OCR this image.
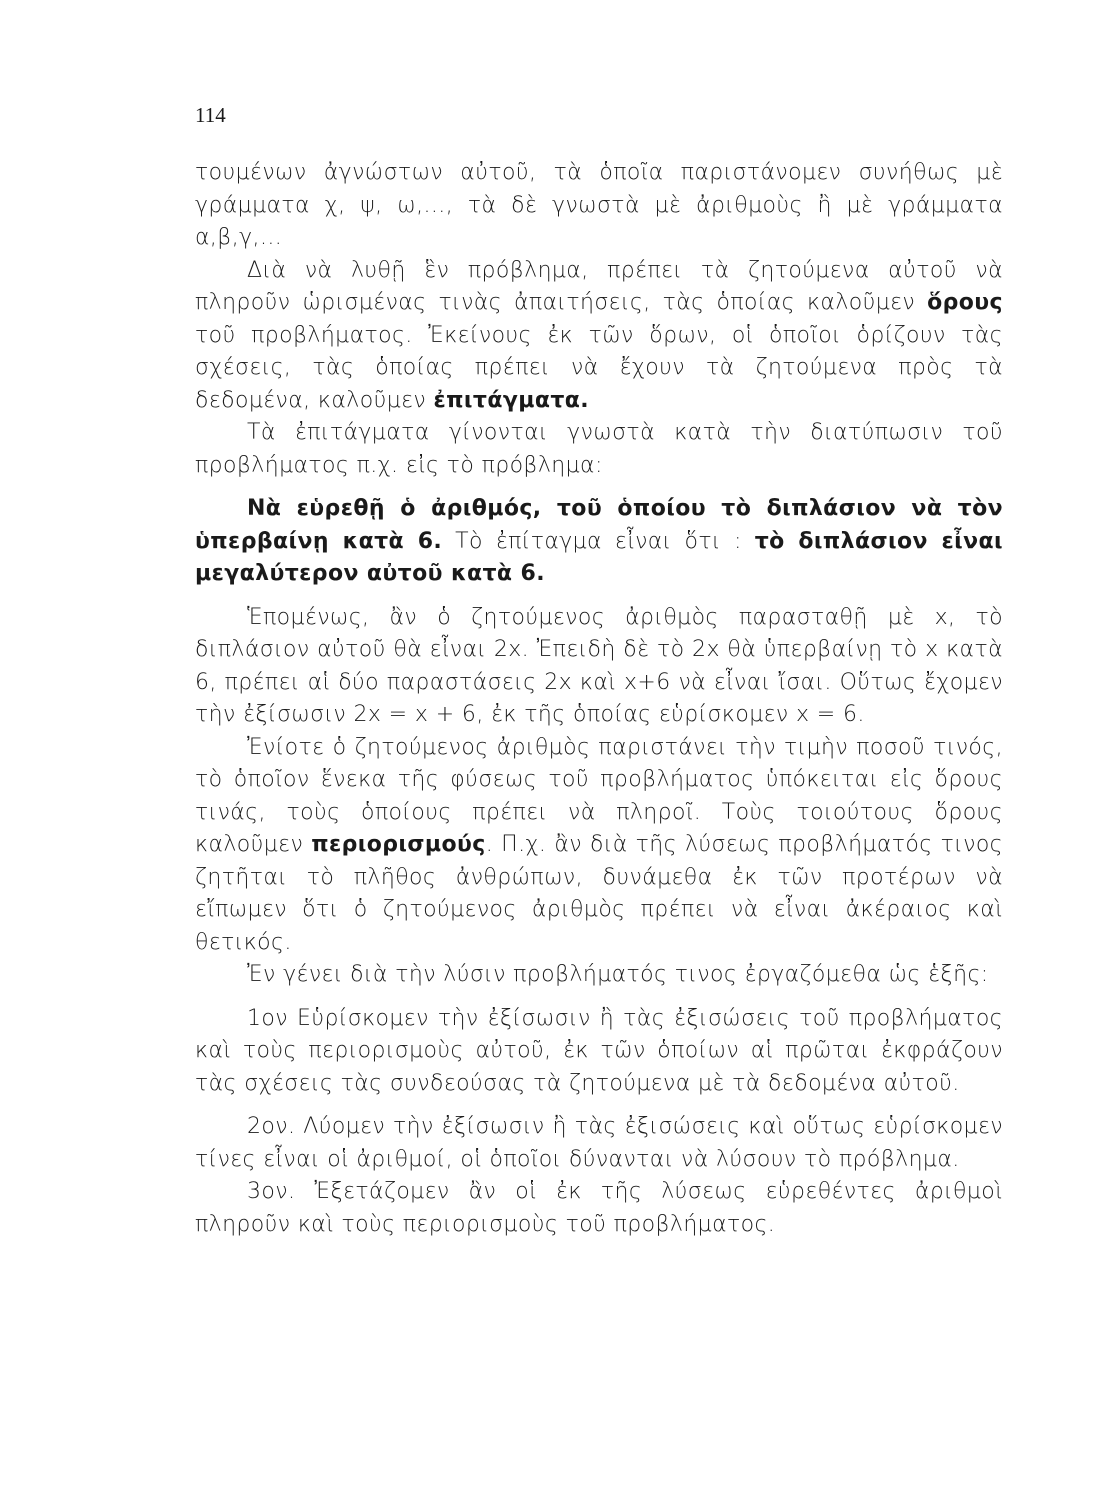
114

τουμένων ἀγνώστων αὐτοῦ, τὰ ὁποῖα παριστάνομεν συνήθως μὲ γράμματα χ, ψ, ω,..., τὰ δὲ γνωστὰ μὲ ἀριθμοὺς ἢ μὲ γράμματα α,β,γ,...

Διὰ νὰ λυθῇ ἓν πρόβλημα, πρέπει τὰ ζητούμενα αὐτοῦ νὰ πληροῦν ὡρισμένας τινὰς ἀπαιτήσεις, τὰς ὁποίας καλοῦμεν ὅρους τοῦ προβλήματος. Ἐκείνους ἐκ τῶν ὅρων, οἱ ὁποῖοι ὁρίζουν τὰς σχέσεις, τὰς ὁποίας πρέπει νὰ ἔχουν τὰ ζητούμενα πρὸς τὰ δεδομένα, καλοῦμεν ἐπιτάγματα.

Τὰ ἐπιτάγματα γίνονται γνωστὰ κατὰ τὴν διατύπωσιν τοῦ προβλήματος π.χ. εἰς τὸ πρόβλημα:

Νὰ εὑρεθῇ ὁ ἀριθμός, τοῦ ὁποίου τὸ διπλάσιον νὰ τὸν ὑπερβαίνῃ κατὰ 6. Τὸ ἐπίταγμα εἶναι ὅτι : τὸ διπλάσιον εἶναι μεγαλύτερον αὐτοῦ κατὰ 6.

Ἑπομένως, ἂν ὁ ζητούμενος ἀριθμὸς παρασταθῇ μὲ x, τὸ διπλάσιον αὐτοῦ θὰ εἶναι 2x. Ἐπειδὴ δὲ τὸ 2x θὰ ὑπερβαίνῃ τὸ x κατὰ 6, πρέπει αἱ δύο παραστάσεις 2x καὶ x+6 νὰ εἶναι ἴσαι. Οὕτως ἔχομεν τὴν ἐξίσωσιν 2x = x + 6, ἐκ τῆς ὁποίας εὑρίσκομεν x = 6.

Ἐνίοτε ὁ ζητούμενος ἀριθμὸς παριστάνει τὴν τιμὴν ποσοῦ τινός, τὸ ὁποῖον ἕνεκα τῆς φύσεως τοῦ προβλήματος ὑπόκειται εἰς ὅρους τινάς, τοὺς ὁποίους πρέπει νὰ πληροῖ. Τοὺς τοιούτους ὅρους καλοῦμεν περιορισμούς. Π.χ. ἂν διὰ τῆς λύσεως προβλήματός τινος ζητῆται τὸ πλῆθος ἀνθρώπων, δυνάμεθα ἐκ τῶν προτέρων νὰ εἴπωμεν ὅτι ὁ ζητούμενος ἀριθμὸς πρέπει νὰ εἶναι ἀκέραιος καὶ θετικός.

Ἐν γένει διὰ τὴν λύσιν προβλήματός τινος ἐργαζόμεθα ὡς ἑξῆς:

1ον Εὑρίσκομεν τὴν ἐξίσωσιν ἢ τὰς ἐξισώσεις τοῦ προβλήματος καὶ τοὺς περιορισμοὺς αὐτοῦ, ἐκ τῶν ὁποίων αἱ πρῶται ἐκφράζουν τὰς σχέσεις τὰς συνδεούσας τὰ ζητούμενα μὲ τὰ δεδομένα αὐτοῦ.

2ον. Λύομεν τὴν ἐξίσωσιν ἢ τὰς ἐξισώσεις καὶ οὕτως εὑρίσκομεν τίνες εἶναι οἱ ἀριθμοί, οἱ ὁποῖοι δύνανται νὰ λύσουν τὸ πρόβλημα.

3ον. Ἐξετάζομεν ἂν οἱ ἐκ τῆς λύσεως εὑρεθέντες ἀριθμοὶ πληροῦν καὶ τοὺς περιορισμοὺς τοῦ προβλήματος.
